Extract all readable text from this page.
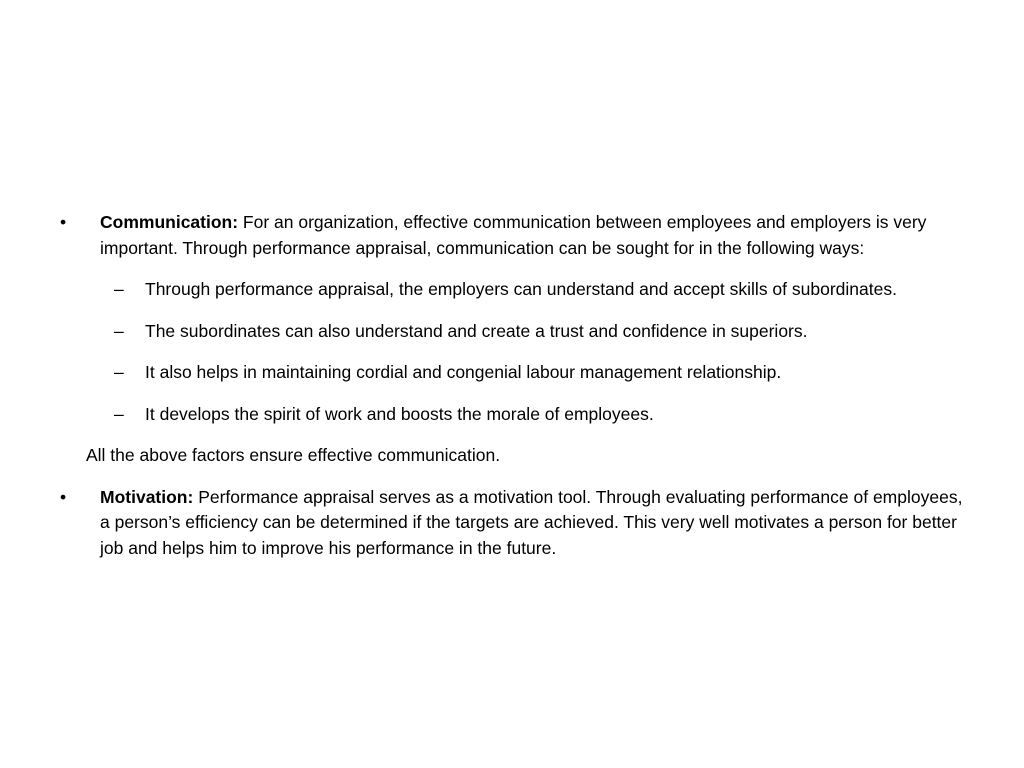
•	Communication: For an organization, effective communication between employees and employers is very important. Through performance appraisal, communication can be sought for in the following ways:
–	Through performance appraisal, the employers can understand and accept skills of subordinates.
–	The subordinates can also understand and create a trust and confidence in superiors.
–	It also helps in maintaining cordial and congenial labour management relationship.
–	It develops the spirit of work and boosts the morale of employees.
All the above factors ensure effective communication.
•	Motivation: Performance appraisal serves as a motivation tool. Through evaluating performance of employees, a person’s efficiency can be determined if the targets are achieved. This very well motivates a person for better job and helps him to improve his performance in the future.
